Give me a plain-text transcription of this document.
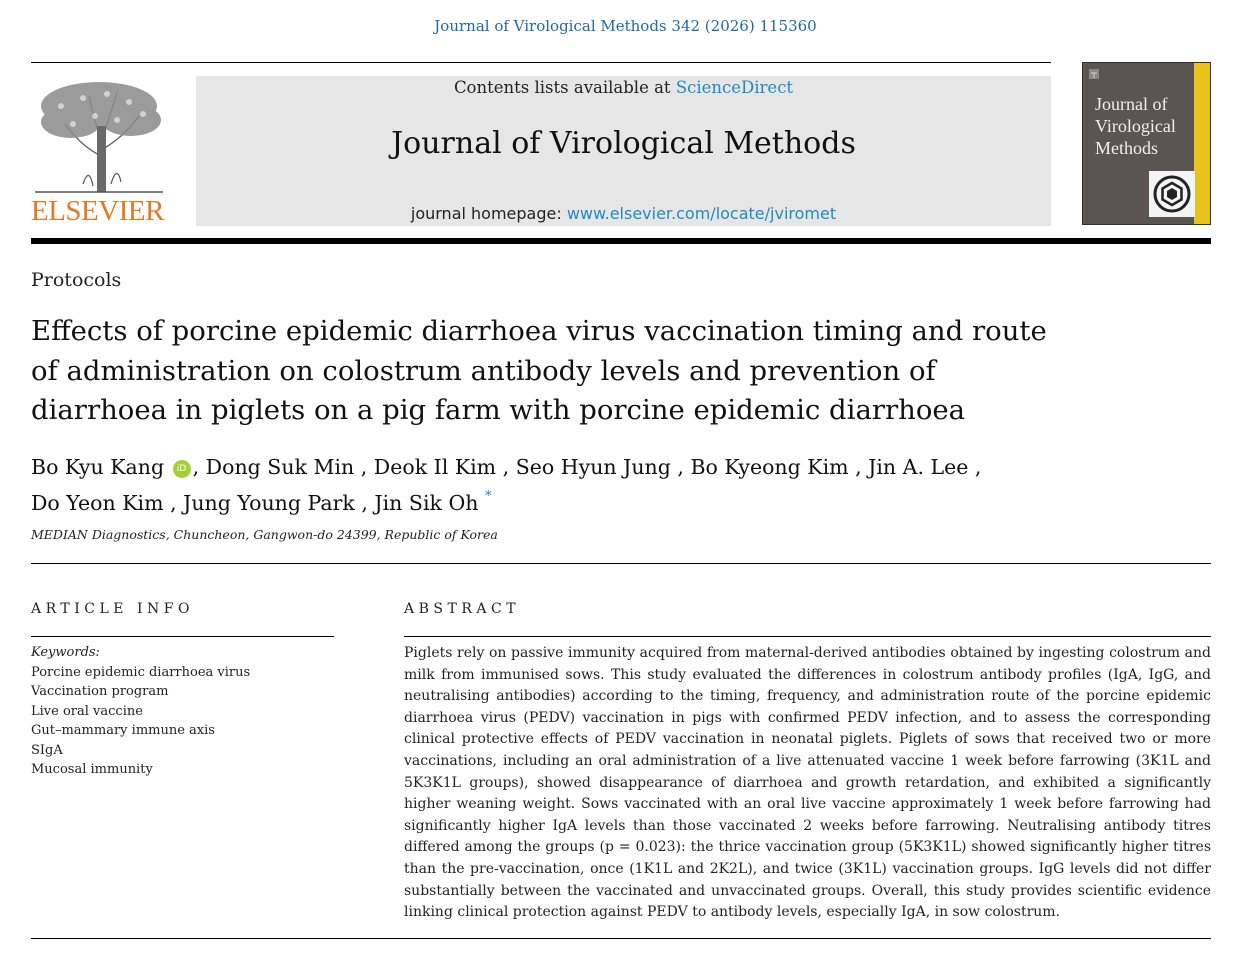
Journal of Virological Methods 342 (2026) 115360
ELSEVIER
Contents lists available at ScienceDirect
Journal of Virological Methods
journal homepage: www.elsevier.com/locate/jviromet
Journal of
Virological
Methods
Protocols
Effects of porcine epidemic diarrhoea virus vaccination timing and route of administration on colostrum antibody levels and prevention of diarrhoea in piglets on a pig farm with porcine epidemic diarrhoea
Bo Kyu Kang iD , Dong Suk Min , Deok Il Kim , Seo Hyun Jung , Bo Kyeong Kim , Jin A. Lee ,
Do Yeon Kim , Jung Young Park , Jin Sik Oh *
MEDIAN Diagnostics, Chuncheon, Gangwon-do 24399, Republic of Korea
ARTICLE INFO	ABSTRACT
Keywords:
Porcine epidemic diarrhoea virus
Vaccination program
Live oral vaccine
Gut–mammary immune axis
SIgA
Mucosal immunity
Piglets rely on passive immunity acquired from maternal-derived antibodies obtained by ingesting colostrum and milk from immunised sows. This study evaluated the differences in colostrum antibody profiles (IgA, IgG, and neutralising antibodies) according to the timing, frequency, and administration route of the porcine epidemic diarrhoea virus (PEDV) vaccination in pigs with confirmed PEDV infection, and to assess the corresponding clinical protective effects of PEDV vaccination in neonatal piglets. Piglets of sows that received two or more vaccinations, including an oral administration of a live attenuated vaccine 1 week before farrowing (3K1L and 5K3K1L groups), showed disappearance of diarrhoea and growth retardation, and exhibited a significantly higher weaning weight. Sows vaccinated with an oral live vaccine approximately 1 week before farrowing had significantly higher IgA levels than those vaccinated 2 weeks before farrowing. Neutralising antibody titres differed among the groups (p = 0.023): the thrice vaccination group (5K3K1L) showed significantly higher titres than the pre-vaccination, once (1K1L and 2K2L), and twice (3K1L) vaccination groups. IgG levels did not differ substantially between the vaccinated and unvaccinated groups. Overall, this study provides scientific evidence linking clinical protection against PEDV to antibody levels, especially IgA, in sow colostrum.
